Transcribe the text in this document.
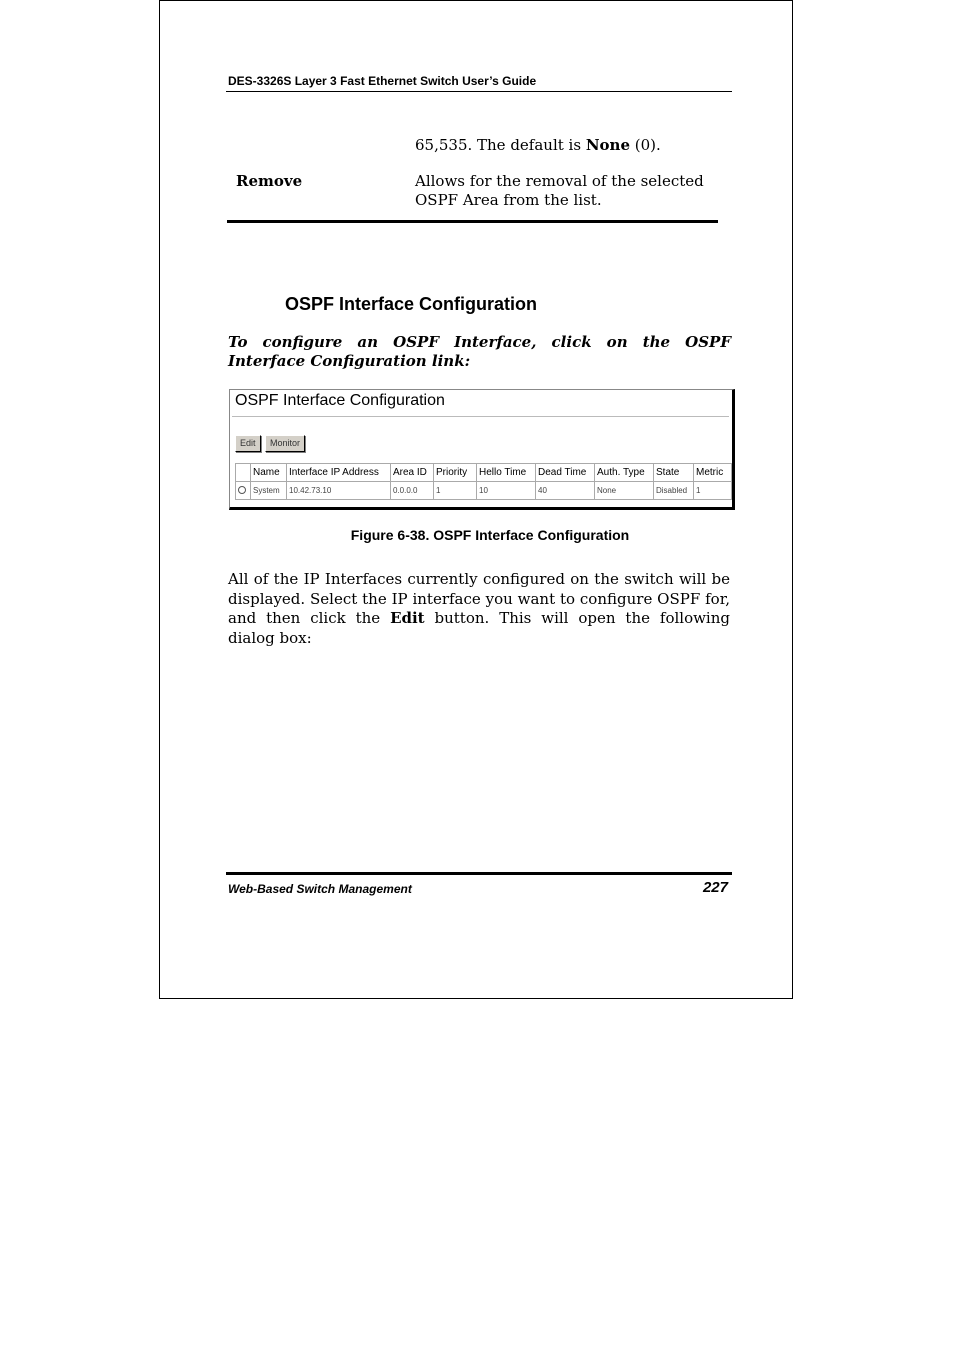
DES-3326S Layer 3 Fast Ethernet Switch User’s Guide
65,535. The default is None (0).
Remove	Allows for the removal of the selected OSPF Area from the list.
OSPF Interface Configuration
To configure an OSPF Interface, click on the OSPF Interface Configuration link:
OSPF Interface Configuration
Edit	Monitor
	Name	Interface IP Address	Area ID	Priority	Hello Time	Dead Time	Auth. Type	State	Metric
	System	10.42.73.10	0.0.0.0	1	10	40	None	Disabled	1
Figure 6-38. OSPF Interface Configuration
All of the IP Interfaces currently configured on the switch will be displayed. Select the IP interface you want to configure OSPF for, and then click the Edit button. This will open the following dialog box:
Web-Based Switch Management	227
